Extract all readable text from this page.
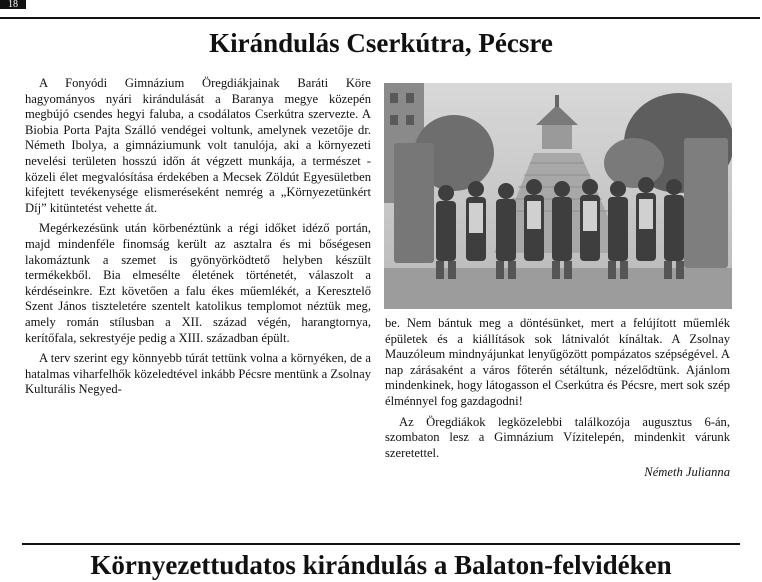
18
Kirándulás Cserkútra, Pécsre

A Fonyódi Gimnázium Öregdiákjainak Baráti Köre hagyományos nyári kirándulását a Baranya megye közepén megbújó csendes hegyi faluba, a csodálatos Cserkútra szervezte. A Biobia Porta Pajta Szálló vendégei voltunk, amelynek vezetője dr. Németh Ibolya, a gimnáziumunk volt tanulója, aki a környezeti nevelési területen hosszú időn át végzett munkája, a természet - közeli élet megvalósítása érdekében a Mecsek Zöldút Egyesületben kifejtett tevékenysége elismeréseként nemrég a „Környezetünkért Díj” kitüntetést vehette át.

Megérkezésünk után körbenéztünk a régi időket idéző portán, majd mindenféle finomság került az asztalra és mi bőségesen lakomáztunk a szemet is gyönyörködtető helyben készült termékekből. Bia elmesélte életének történetét, válaszolt a kérdéseinkre. Ezt követően a falu ékes műemlékét, a Keresztelő Szent János tiszteletére szentelt katolikus templomot néztük meg, amely román stílusban a XII. század végén, harangtornya, kerítőfala, sekrestyéje pedig a XIII. században épült.

A terv szerint egy könnyebb túrát tettünk volna a környéken, de a hatalmas viharfelhők közeledtével inkább Pécsre mentünk a Zsolnay Kulturális Negyed-

be. Nem bántuk meg a döntésünket, mert a felújított műemlék épületek és a kiállítások sok látnivalót kínáltak. A Zsolnay Mauzóleum mindnyájunkat lenyűgözött pompázatos szépségével. A nap zárásaként a város főterén sétáltunk, nézelődtünk. Ajánlom mindenkinek, hogy látogasson el Cserkútra és Pécsre, mert sok szép élménnyel fog gazdagodni!

Az Öregdiákok legközelebbi találkozója augusztus 6-án, szombaton lesz a Gimnázium Vízitelepén, mindenkit várunk szeretettel.

Németh Julianna
Környezettudatos kirándulás a Balaton-felvidéken
